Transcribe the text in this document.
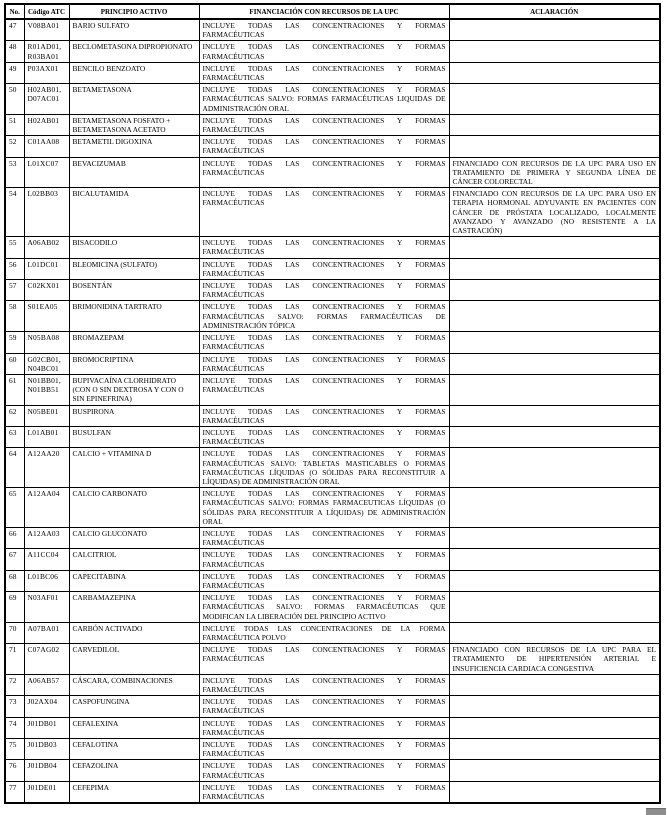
No.	Código ATC	PRINCIPIO ACTIVO	FINANCIACIÓN CON RECURSOS DE LA UPC	ACLARACIÓN
47	V08BA01	BARIO SULFATO	INCLUYE TODAS LAS CONCENTRACIONES Y FORMAS FARMACÉUTICAS	
48	R01AD01, R03BA01	BECLOMETASONA DIPROPIONATO	INCLUYE TODAS LAS CONCENTRACIONES Y FORMAS FARMACÉUTICAS	
49	P03AX01	BENCILO BENZOATO	INCLUYE TODAS LAS CONCENTRACIONES Y FORMAS FARMACÉUTICAS	
50	H02AB01, D07AC01	BETAMETASONA	INCLUYE TODAS LAS CONCENTRACIONES Y FORMAS FARMACÉUTICAS SALVO: FORMAS FARMACÉUTICAS LIQUIDAS DE ADMINISTRACIÓN ORAL	
51	H02AB01	BETAMETASONA FOSFATO + BETAMETASONA ACETATO	INCLUYE TODAS LAS CONCENTRACIONES Y FORMAS FARMACÉUTICAS	
52	C01AA08	BETAMETIL DIGOXINA	INCLUYE TODAS LAS CONCENTRACIONES Y FORMAS FARMACÉUTICAS	
53	L01XC07	BEVACIZUMAB	INCLUYE TODAS LAS CONCENTRACIONES Y FORMAS FARMACÉUTICAS	FINANCIADO CON RECURSOS DE LA UPC PARA USO EN TRATAMIENTO DE PRIMERA Y SEGUNDA LÍNEA DE CÁNCER COLORECTAL
54	L02BB03	BICALUTAMIDA	INCLUYE TODAS LAS CONCENTRACIONES Y FORMAS FARMACÉUTICAS	FINANCIADO CON RECURSOS DE LA UPC PARA USO EN TERAPIA HORMONAL ADYUVANTE EN PACIENTES CON CÁNCER DE PRÓSTATA LOCALIZADO, LOCALMENTE AVANZADO Y AVANZADO (NO RESISTENTE A LA CASTRACIÓN)
55	A06AB02	BISACODILO	INCLUYE TODAS LAS CONCENTRACIONES Y FORMAS FARMACÉUTICAS	
56	L01DC01	BLEOMICINA (SULFATO)	INCLUYE TODAS LAS CONCENTRACIONES Y FORMAS FARMACÉUTICAS	
57	C02KX01	BOSENTÁN	INCLUYE TODAS LAS CONCENTRACIONES Y FORMAS FARMACÉUTICAS	
58	S01EA05	BRIMONIDINA TARTRATO	INCLUYE TODAS LAS CONCENTRACIONES Y FORMAS FARMACÉUTICAS SALVO: FORMAS FARMACÉUTICAS DE ADMINISTRACIÓN TÓPICA	
59	N05BA08	BROMAZEPAM	INCLUYE TODAS LAS CONCENTRACIONES Y FORMAS FARMACÉUTICAS	
60	G02CB01, N04BC01	BROMOCRIPTINA	INCLUYE TODAS LAS CONCENTRACIONES Y FORMAS FARMACÉUTICAS	
61	N01BB01, N01BB51	BUPIVACAÍNA CLORHIDRATO (CON O SIN DEXTROSA Y CON O SIN EPINEFRINA)	INCLUYE TODAS LAS CONCENTRACIONES Y FORMAS FARMACÉUTICAS	
62	N05BE01	BUSPIRONA	INCLUYE TODAS LAS CONCENTRACIONES Y FORMAS FARMACÉUTICAS	
63	L01AB01	BUSULFAN	INCLUYE TODAS LAS CONCENTRACIONES Y FORMAS FARMACÉUTICAS	
64	A12AA20	CALCIO + VITAMINA D	INCLUYE TODAS LAS CONCENTRACIONES Y FORMAS FARMACÉUTICAS SALVO: TABLETAS MASTICABLES O FORMAS FARMACÉUTICAS LÍQUIDAS (O SÓLIDAS PARA RECONSTITUIR A LÍQUIDAS) DE ADMINISTRACIÓN ORAL	
65	A12AA04	CALCIO CARBONATO	INCLUYE TODAS LAS CONCENTRACIONES Y FORMAS FARMACÉUTICAS SALVO: FORMAS FARMACEUTICAS LÍQUIDAS (O SÓLIDAS PARA RECONSTITUIR A LÍQUIDAS) DE ADMINISTRACIÓN ORAL	
66	A12AA03	CALCIO GLUCONATO	INCLUYE TODAS LAS CONCENTRACIONES Y FORMAS FARMACÉUTICAS	
67	A11CC04	CALCITRIOL	INCLUYE TODAS LAS CONCENTRACIONES Y FORMAS FARMACÉUTICAS	
68	L01BC06	CAPECITABINA	INCLUYE TODAS LAS CONCENTRACIONES Y FORMAS FARMACÉUTICAS	
69	N03AF01	CARBAMAZEPINA	INCLUYE TODAS LAS CONCENTRACIONES Y FORMAS FARMACÉUTICAS SALVO: FORMAS FARMACÉUTICAS QUE MODIFICAN LA LIBERACIÓN DEL PRINCIPIO ACTIVO	
70	A07BA01	CARBÓN ACTIVADO	INCLUYE TODAS LAS CONCENTRACIONES DE LA FORMA FARMACÉUTICA POLVO	
71	C07AG02	CARVEDILOL	INCLUYE TODAS LAS CONCENTRACIONES Y FORMAS FARMACÉUTICAS	FINANCIADO CON RECURSOS DE LA UPC PARA EL TRATAMIENTO DE HIPERTENSIÓN ARTERIAL E INSUFICIENCIA CARDIACA CONGESTIVA
72	A06AB57	CÁSCARA, COMBINACIONES	INCLUYE TODAS LAS CONCENTRACIONES Y FORMAS FARMACÉUTICAS	
73	J02AX04	CASPOFUNGINA	INCLUYE TODAS LAS CONCENTRACIONES Y FORMAS FARMACÉUTICAS	
74	J01DB01	CEFALEXINA	INCLUYE TODAS LAS CONCENTRACIONES Y FORMAS FARMACÉUTICAS	
75	J01DB03	CEFALOTINA	INCLUYE TODAS LAS CONCENTRACIONES Y FORMAS FARMACÉUTICAS	
76	J01DB04	CEFAZOLINA	INCLUYE TODAS LAS CONCENTRACIONES Y FORMAS FARMACÉUTICAS	
77	J01DE01	CEFEPIMA	INCLUYE TODAS LAS CONCENTRACIONES Y FORMAS FARMACÉUTICAS	
